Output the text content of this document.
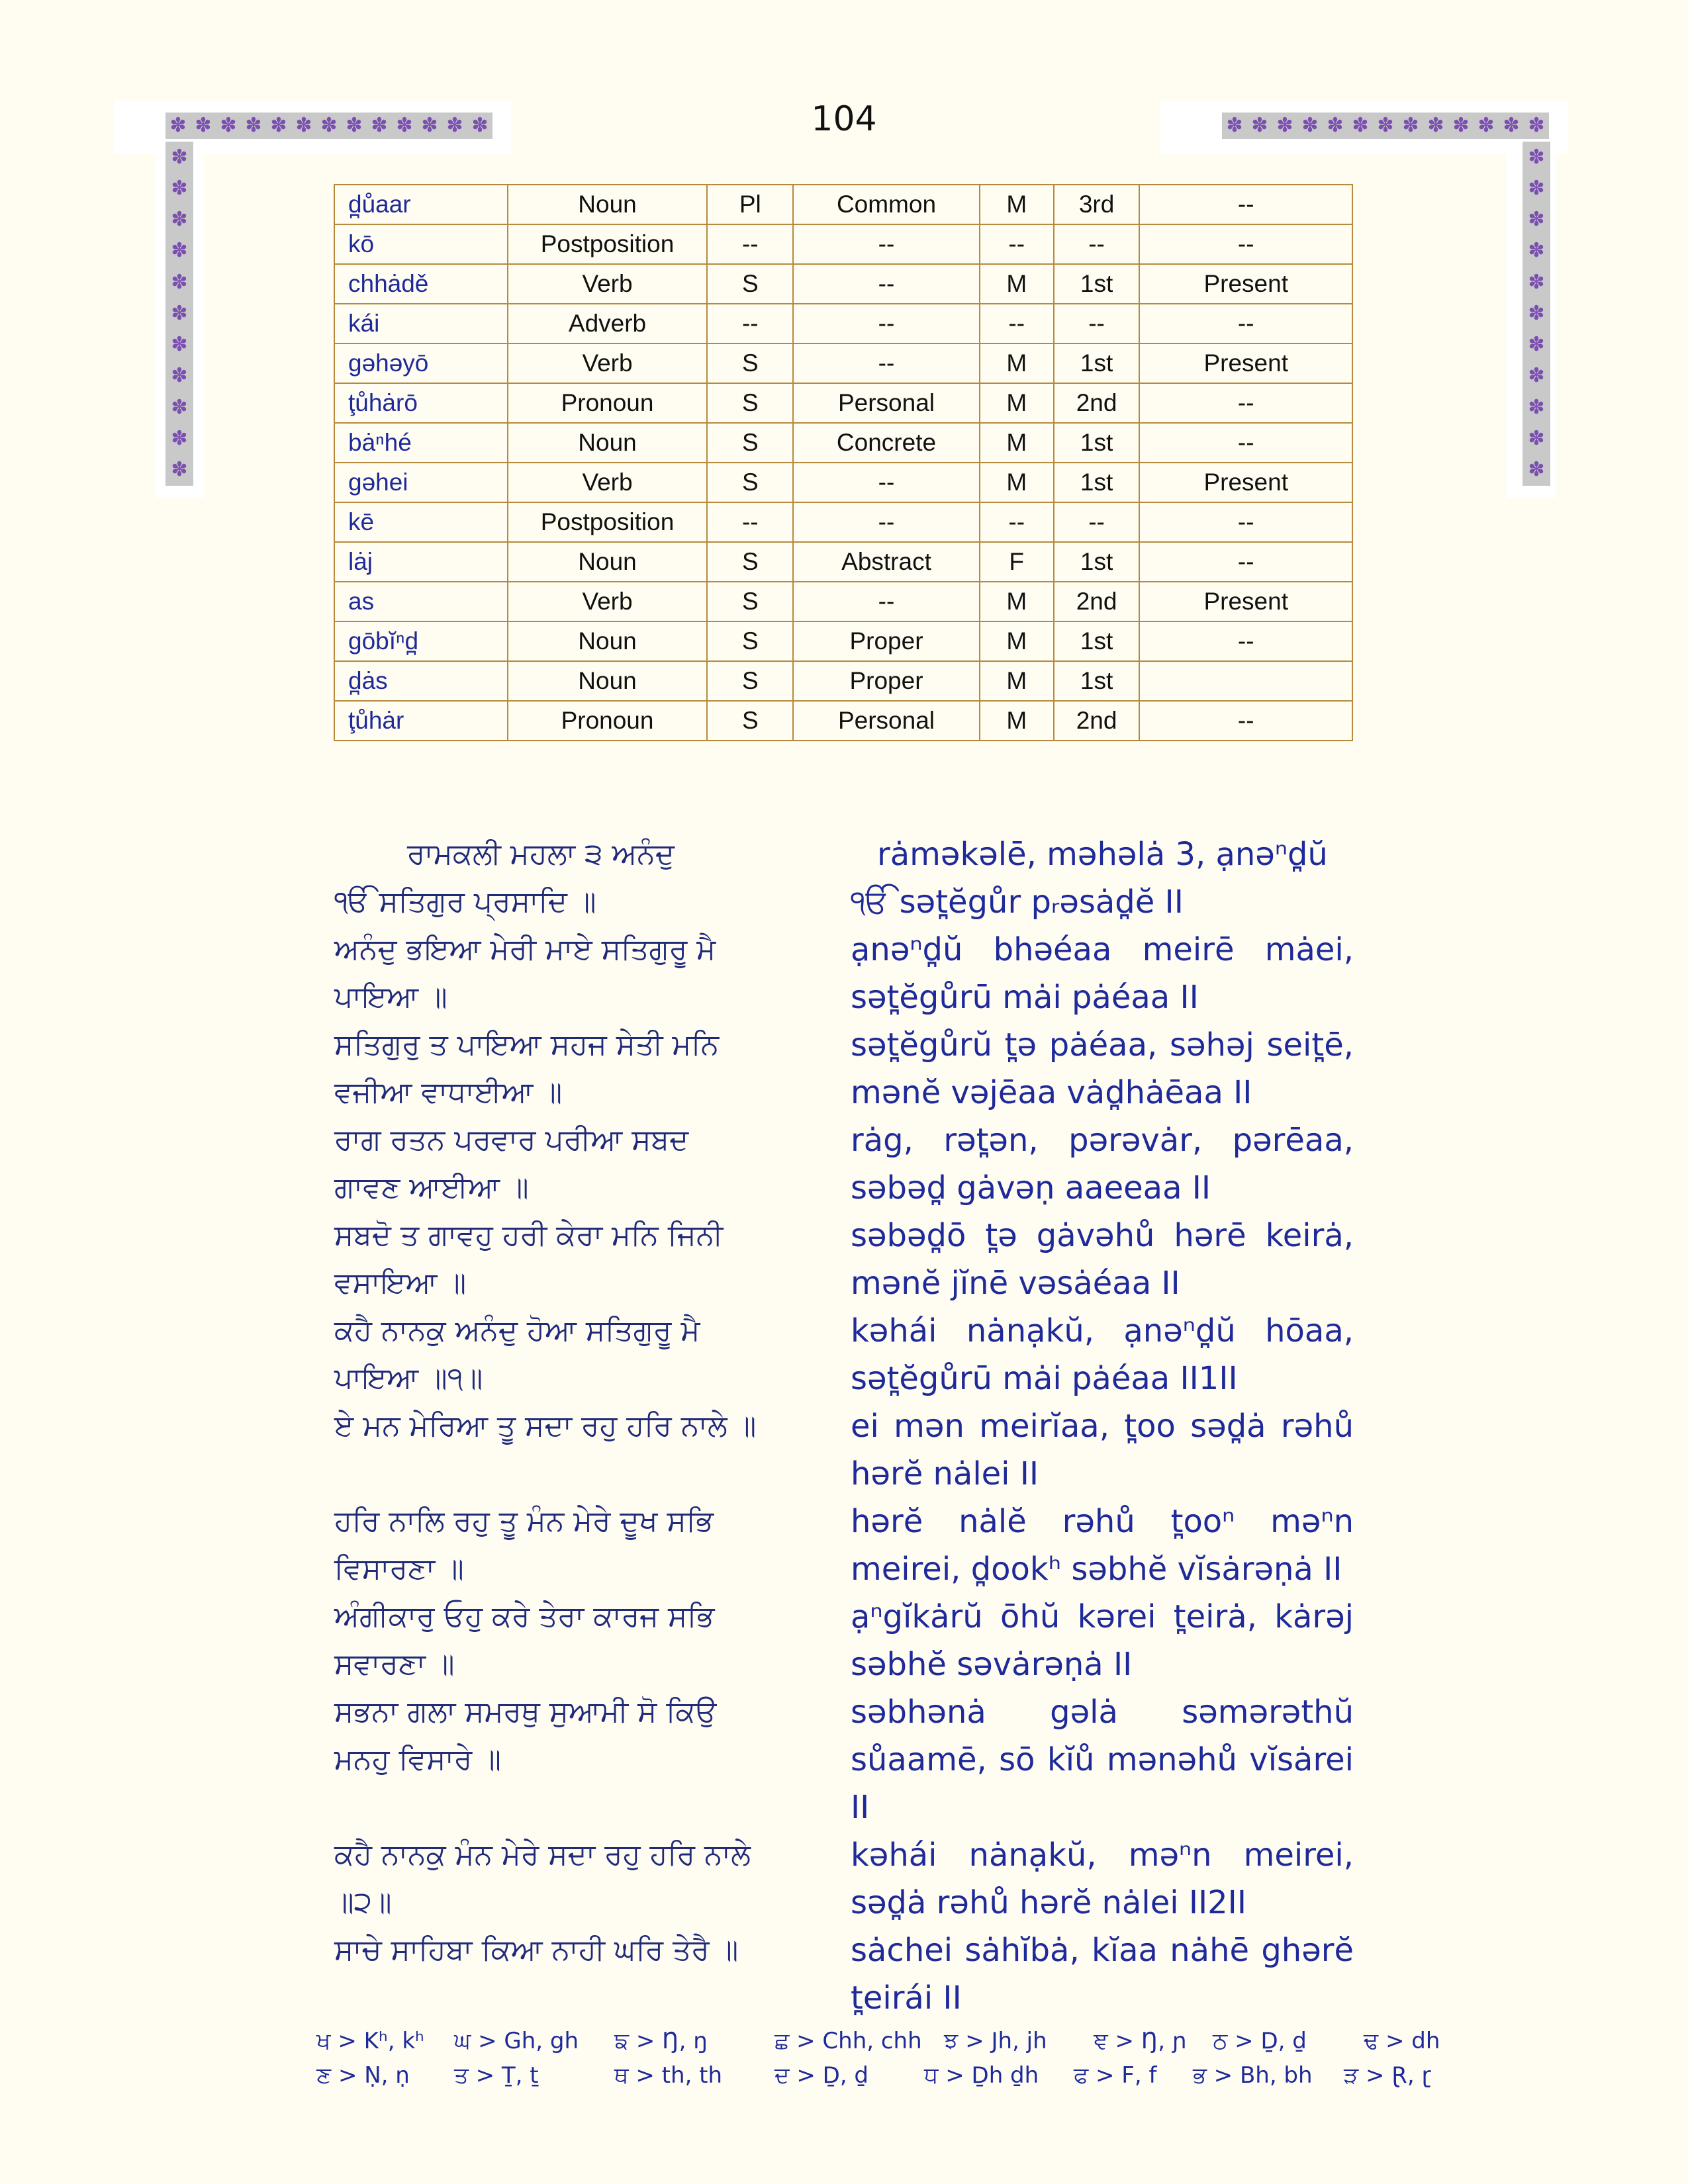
✽ ✽ ✽ ✽ ✽ ✽ ✽ ✽ ✽ ✽ ✽ ✽ ✽
✽
✽
✽
✽
✽
✽
✽
✽
✽
✽
✽
✽ ✽ ✽ ✽ ✽ ✽ ✽ ✽ ✽ ✽ ✽ ✽ ✽
✽
✽
✽
✽
✽
✽
✽
✽
✽
✽
✽
104
d̪ůaar	Noun	Pl	Common	M	3rd	--
kō	Postposition	--	--	--	--	--
chhȧdě	Verb	S	--	M	1st	Present
kái	Adverb	--	--	--	--	--
gəhəyō	Verb	S	--	M	1st	Present
ţůhȧrō	Pronoun	S	Personal	M	2nd	--
bȧⁿhé	Noun	S	Concrete	M	1st	--
gəhei	Verb	S	--	M	1st	Present
kē	Postposition	--	--	--	--	--
lȧj	Noun	S	Abstract	F	1st	--
as	Verb	S	--	M	2nd	Present
gōbĭⁿd̪	Noun	S	Proper	M	1st	--
d̪ȧs	Noun	S	Proper	M	1st	
ţůhȧr	Pronoun	S	Personal	M	2nd	--
ਰਾਮਕਲੀ ਮਹਲਾ ੩ ਅਨੰਦੁ	rȧməkəlē, məhəlȧ 3, ạnəⁿd̪ŭ
ੴ ਸਤਿਗੁਰ ਪ੍ਰਸਾਦਿ ॥	ੴ sət̪ĕgůr pᵣəsȧd̪ĕ II
ਅਨੰਦੁ ਭਇਆ ਮੇਰੀ ਮਾਏ ਸਤਿਗੁਰੂ ਮੈ ਪਾਇਆ ॥
ạnəⁿd̪ŭ bhəéaa meirē mȧei, sət̪ĕgůrū mȧi pȧéaa II
ਸਤਿਗੁਰੁ ਤ ਪਾਇਆ ਸਹਜ ਸੇਤੀ ਮਨਿ ਵਜੀਆ ਵਾਧਾਈਆ ॥
sət̪ĕgůrŭ t̪ə pȧéaa, səhəj seit̪ē, mənĕ vəjēaa vȧd̪hȧēaa II
ਰਾਗ ਰਤਨ ਪਰਵਾਰ ਪਰੀਆ ਸਬਦ ਗਾਵਣ ਆਈਆ ॥
rȧg, rət̪ən, pərəvȧr, pərēaa, səbəd̪ gȧvəṇ aaeeaa II
ਸਬਦੋ ਤ ਗਾਵਹੁ ਹਰੀ ਕੇਰਾ ਮਨਿ ਜਿਨੀ ਵਸਾਇਆ ॥
səbəd̪ō t̪ə gȧvəhů hərē keirȧ, mənĕ jĭnē vəsȧéaa II
ਕਹੈ ਨਾਨਕੁ ਅਨੰਦੁ ਹੋਆ ਸਤਿਗੁਰੂ ਮੈ ਪਾਇਆ ॥੧॥
kəhái nȧnạkŭ, ạnəⁿd̪ŭ hōaa, sət̪ĕgůrū mȧi pȧéaa II1II
ਏ ਮਨ ਮੇਰਿਆ ਤੂ ਸਦਾ ਰਹੁ ਹਰਿ ਨਾਲੇ ॥	ei mən meirĭaa, t̪oo səd̪ȧ rəhů hərĕ nȧlei II
ਹਰਿ ਨਾਲਿ ਰਹੁ ਤੂ ਮੰਨ ਮੇਰੇ ਦੂਖ ਸਭਿ ਵਿਸਾਰਣਾ ॥
hərĕ nȧlĕ rəhů t̪ooⁿ məⁿn meirei, d̪ookʰ səbhĕ vĭsȧrəṇȧ II
ਅੰਗੀਕਾਰੁ ਓਹੁ ਕਰੇ ਤੇਰਾ ਕਾਰਜ ਸਭਿ ਸਵਾਰਣਾ ॥
ạⁿgĭkȧrŭ ōhŭ kərei t̪eirȧ, kȧrəj səbhĕ səvȧrəṇȧ II
ਸਭਨਾ ਗਲਾ ਸਮਰਥੁ ਸੁਆਮੀ ਸੋ ਕਿਉ ਮਨਹੁ ਵਿਸਾਰੇ ॥
səbhənȧ gəlȧ səmərəthŭ sůaamē, sō kĭů mənəhů vĭsȧrei II
ਕਹੈ ਨਾਨਕੁ ਮੰਨ ਮੇਰੇ ਸਦਾ ਰਹੁ ਹਰਿ ਨਾਲੇ ॥੨॥
kəhái nȧnạkŭ, məⁿn meirei, səd̪ȧ rəhů hərĕ nȧlei II2II
ਸਾਚੇ ਸਾਹਿਬਾ ਕਿਆ ਨਾਹੀ ਘਰਿ ਤੇਰੈ ॥	sȧchei sȧhĭbȧ, kĭaa nȧhē ghərĕ t̪eirái II
ਖ > Kʰ, kʰ	ਘ > Gh, gh	ਙ > Ŋ, ŋ	ਛ > Chh, chh ਝ > Jh, jh	ਞ > Ŋ, ɲ	ਠ > Ḏ, ḏ	ਢ > dh
ਣ > Ṇ, ṇ	ਤ > Ṯ, ṯ	ਥ > th, th	ਦ > Ḏ, ḏ	ਧ > Ḏh ḏh	ਫ > F, f	ਭ > Bh, bh	ੜ > Ɽ, ɽ
